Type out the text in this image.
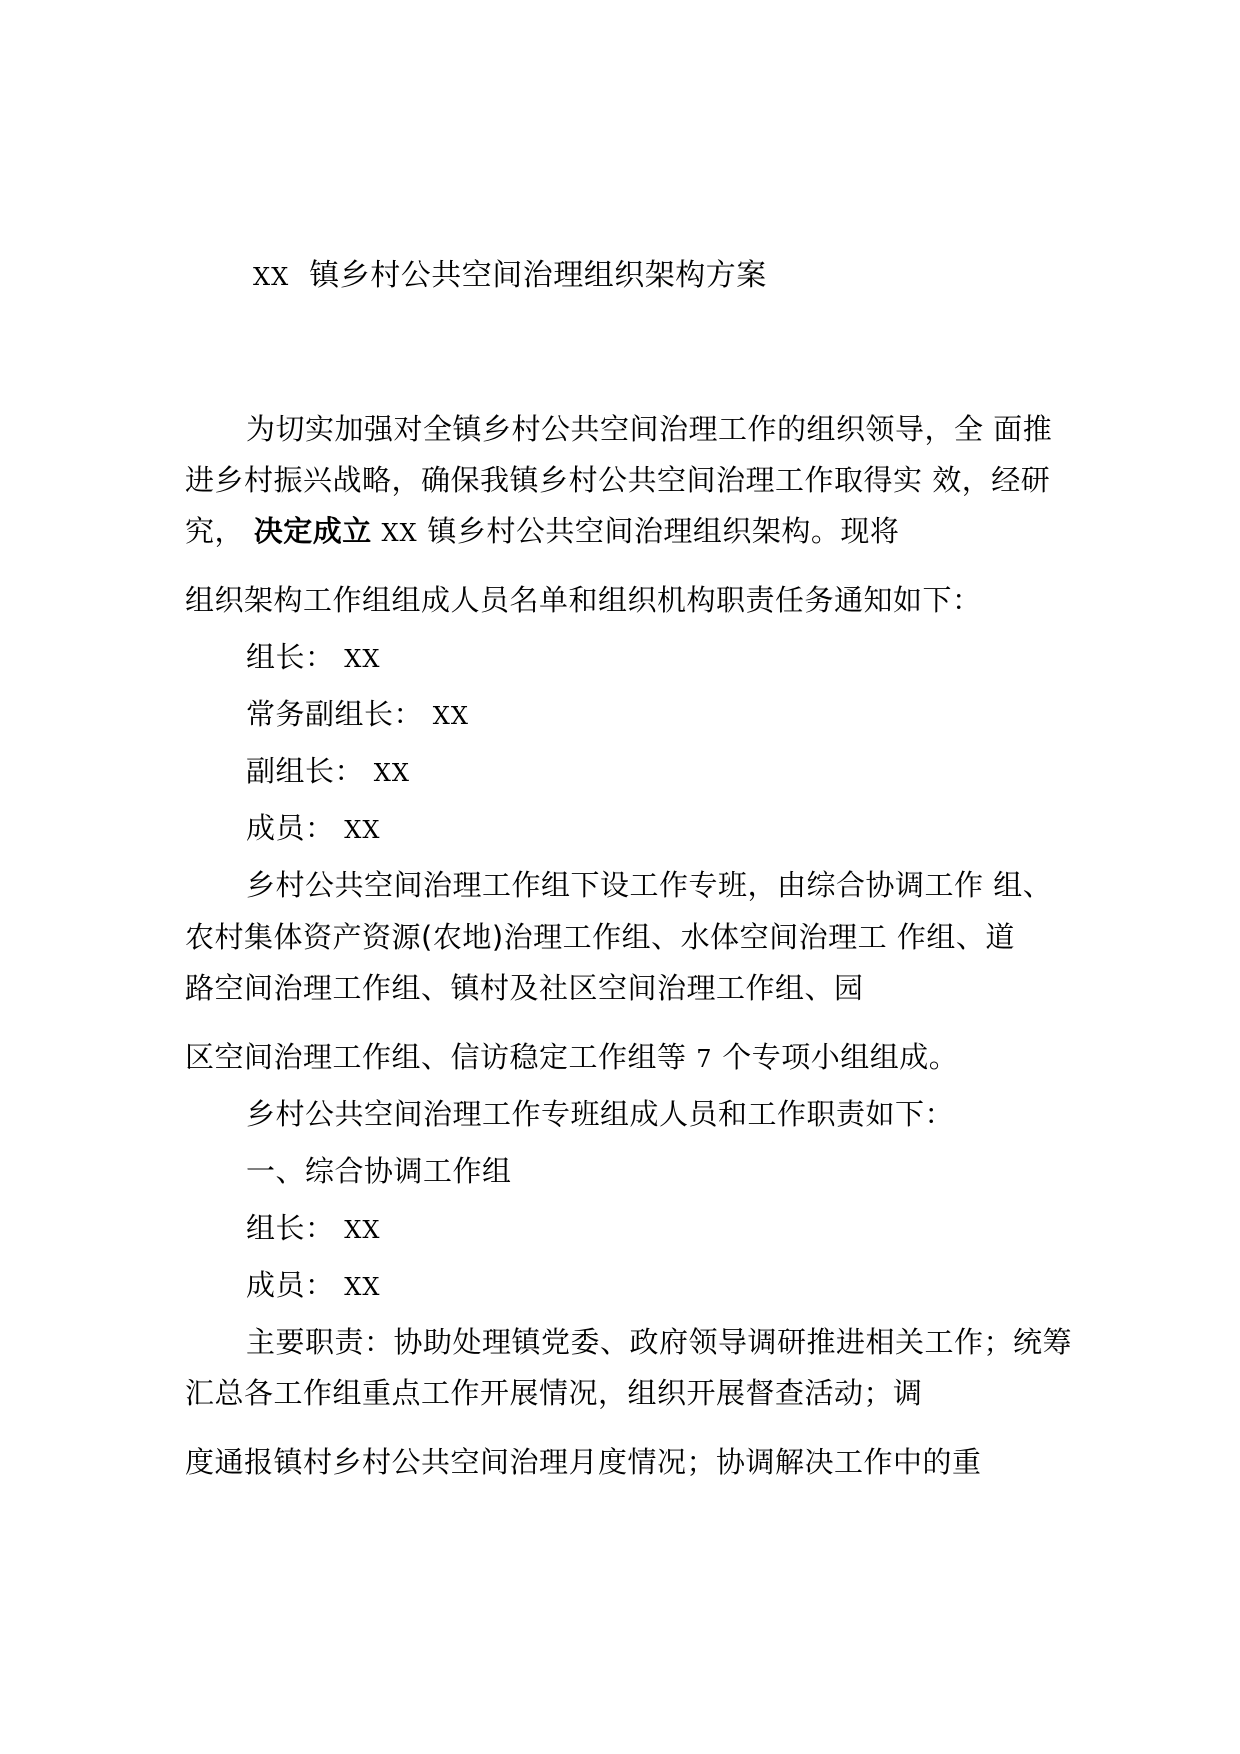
XX 镇乡村公共空间治理组织架构方案
为切实加强对全镇乡村公共空间治理工作的组织领导，全 面推
进乡村振兴战略，确保我镇乡村公共空间治理工作取得实 效，经研
究， 决定成立 XX 镇乡村公共空间治理组织架构。现将
组织架构工作组组成人员名单和组织机构职责任务通知如下：
组长： XX
常务副组长： XX
副组长： XX
成员： XX
乡村公共空间治理工作组下设工作专班，由综合协调工作 组、
农村集体资产资源(农地)治理工作组、水体空间治理工 作组、道
路空间治理工作组、镇村及社区空间治理工作组、园
区空间治理工作组、信访稳定工作组等 7 个专项小组组成。
乡村公共空间治理工作专班组成人员和工作职责如下：
一、综合协调工作组
组长： XX
成员： XX
主要职责：协助处理镇党委、政府领导调研推进相关工作；统筹
汇总各工作组重点工作开展情况，组织开展督查活动；调
度通报镇村乡村公共空间治理月度情况；协调解决工作中的重
